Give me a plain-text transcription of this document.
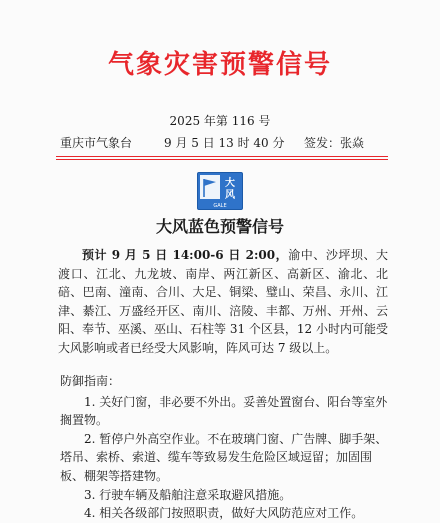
气象灾害预警信号
2025 年第 116 号
重庆市气象台	9 月 5 日 13 时 40 分 签发：张焱
大
风
GALE
大风蓝色预警信号
预计 9 月 5 日 14:00-6 日 2:00，渝中、沙坪坝、大渡口、江北、九龙坡、南岸、两江新区、高新区、渝北、北碚、巴南、潼南、合川、大足、铜梁、璧山、荣昌、永川、江津、綦江、万盛经开区、南川、涪陵、丰都、万州、开州、云阳、奉节、巫溪、巫山、石柱等 31 个区县，12 小时内可能受大风影响或者已经受大风影响，阵风可达 7 级以上。
防御指南：

1. 关好门窗，非必要不外出。妥善处置窗台、阳台等室外搁置物。

2. 暂停户外高空作业。不在玻璃门窗、广告牌、脚手架、塔吊、索桥、索道、缆车等致易发生危险区域逗留；加固围板、棚架等搭建物。

3. 行驶车辆及船舶注意采取避风措施。

4. 相关各级部门按照职责，做好大风防范应对工作。
